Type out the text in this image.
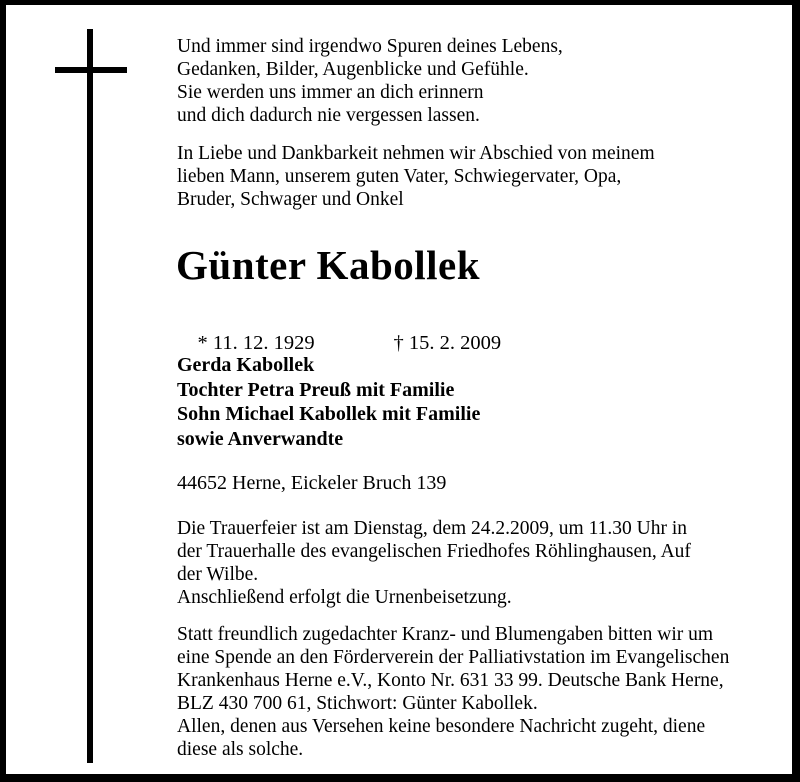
Und immer sind irgendwo Spuren deines Lebens,
Gedanken, Bilder, Augenblicke und Gefühle.
Sie werden uns immer an dich erinnern
und dich dadurch nie vergessen lassen.
In Liebe und Dankbarkeit nehmen wir Abschied von meinem
lieben Mann, unserem guten Vater, Schwiegervater, Opa,
Bruder, Schwager und Onkel
Günter Kabollek

* 11. 12. 1929	† 15. 2. 2009

Gerda Kabollek
Tochter Petra Preuß mit Familie
Sohn Michael Kabollek mit Familie
sowie Anverwandte
44652 Herne, Eickeler Bruch 139
Die Trauerfeier ist am Dienstag, dem 24.2.2009, um 11.30 Uhr in
der Trauerhalle des evangelischen Friedhofes Röhlinghausen, Auf
der Wilbe.
Anschließend erfolgt die Urnenbeisetzung.
Statt freundlich zugedachter Kranz- und Blumengaben bitten wir um
eine Spende an den Förderverein der Palliativstation im Evangelischen
Krankenhaus Herne e.V., Konto Nr. 631 33 99. Deutsche Bank Herne,
BLZ 430 700 61, Stichwort: Günter Kabollek.
Allen, denen aus Versehen keine besondere Nachricht zugeht, diene
diese als solche.
